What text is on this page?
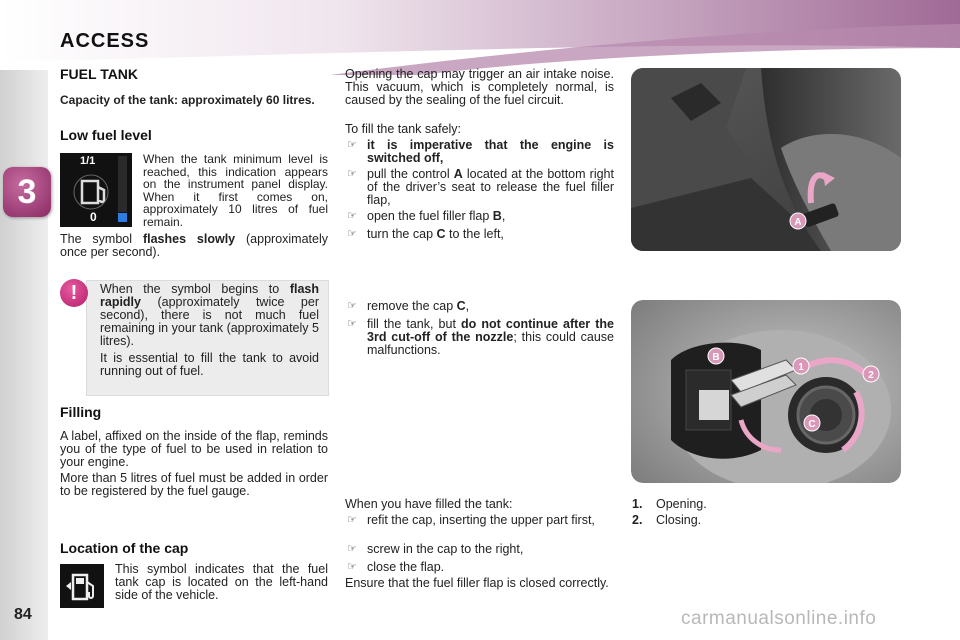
ACCESS
3
84
FUEL TANK
Capacity of the tank: approximately 60 litres.
Low fuel level
1/1
0
When the tank minimum level is reached, this indication appears on the instrument panel display. When it first comes on, approximately 10 litres of fuel remain.
The symbol flashes slowly (approximately once per second).
!	When the symbol begins to flash rapidly (approximately twice per second), there is not much fuel remaining in your tank (approximately 5 litres).
It is essential to fill the tank to avoid running out of fuel.
Filling
A label, affixed on the inside of the flap, reminds you of the type of fuel to be used in relation to your engine.
More than 5 litres of fuel must be added in order to be registered by the fuel gauge.
Location of the cap
This symbol indicates that the fuel tank cap is located on the left-hand side of the vehicle.
Opening the cap may trigger an air intake noise. This vacuum, which is completely normal, is caused by the sealing of the fuel circuit.
To fill the tank safely:
☞ it is imperative that the engine is switched off,
☞ pull the control A located at the bottom right of the driver’s seat to release the fuel filler flap,
☞ open the fuel filler flap B,
☞ turn the cap C to the left,
☞ remove the cap C,
☞ fill the tank, but do not continue after the 3rd cut-off of the nozzle; this could cause malfunctions.
When you have filled the tank:
☞ refit the cap, inserting the upper part first,
☞ screw in the cap to the right,
☞ close the flap.
Ensure that the fuel filler flap is closed correctly.
1. Opening.
2. Closing.
A
B
C
1
2
carmanualsonline.info
